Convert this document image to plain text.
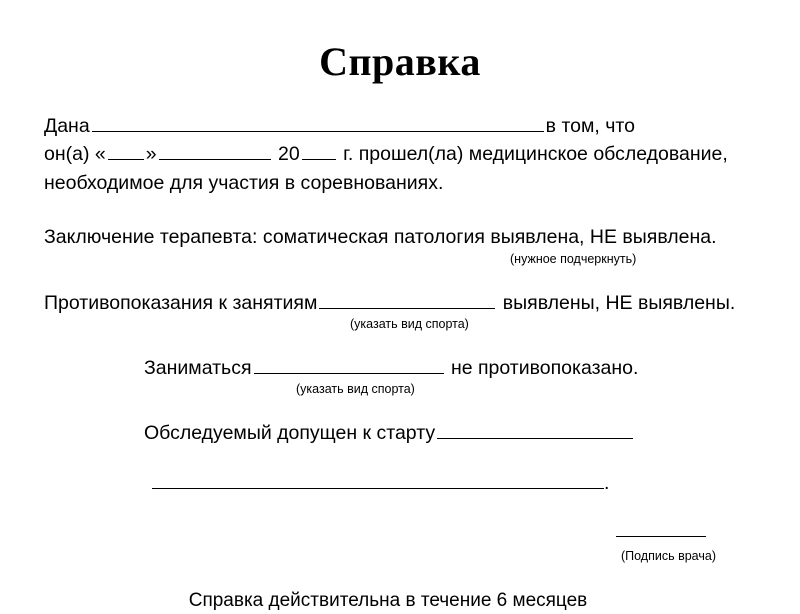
Справка
Дана	в том, что
он(а) « »	20 г. прошел(ла) медицинское обследование,
необходимое для участия в соревнованиях.
Заключение терапевта: соматическая патология выявлена, НЕ выявлена.
(нужное подчеркнуть)
Противопоказания к занятиям	выявлены, НЕ выявлены.
(указать вид спорта)
Заниматься	не противопоказано.
(указать вид спорта)
Обследуемый допущен к старту
.
(Подпись врача)
Справка действительна в течение 6 месяцев
